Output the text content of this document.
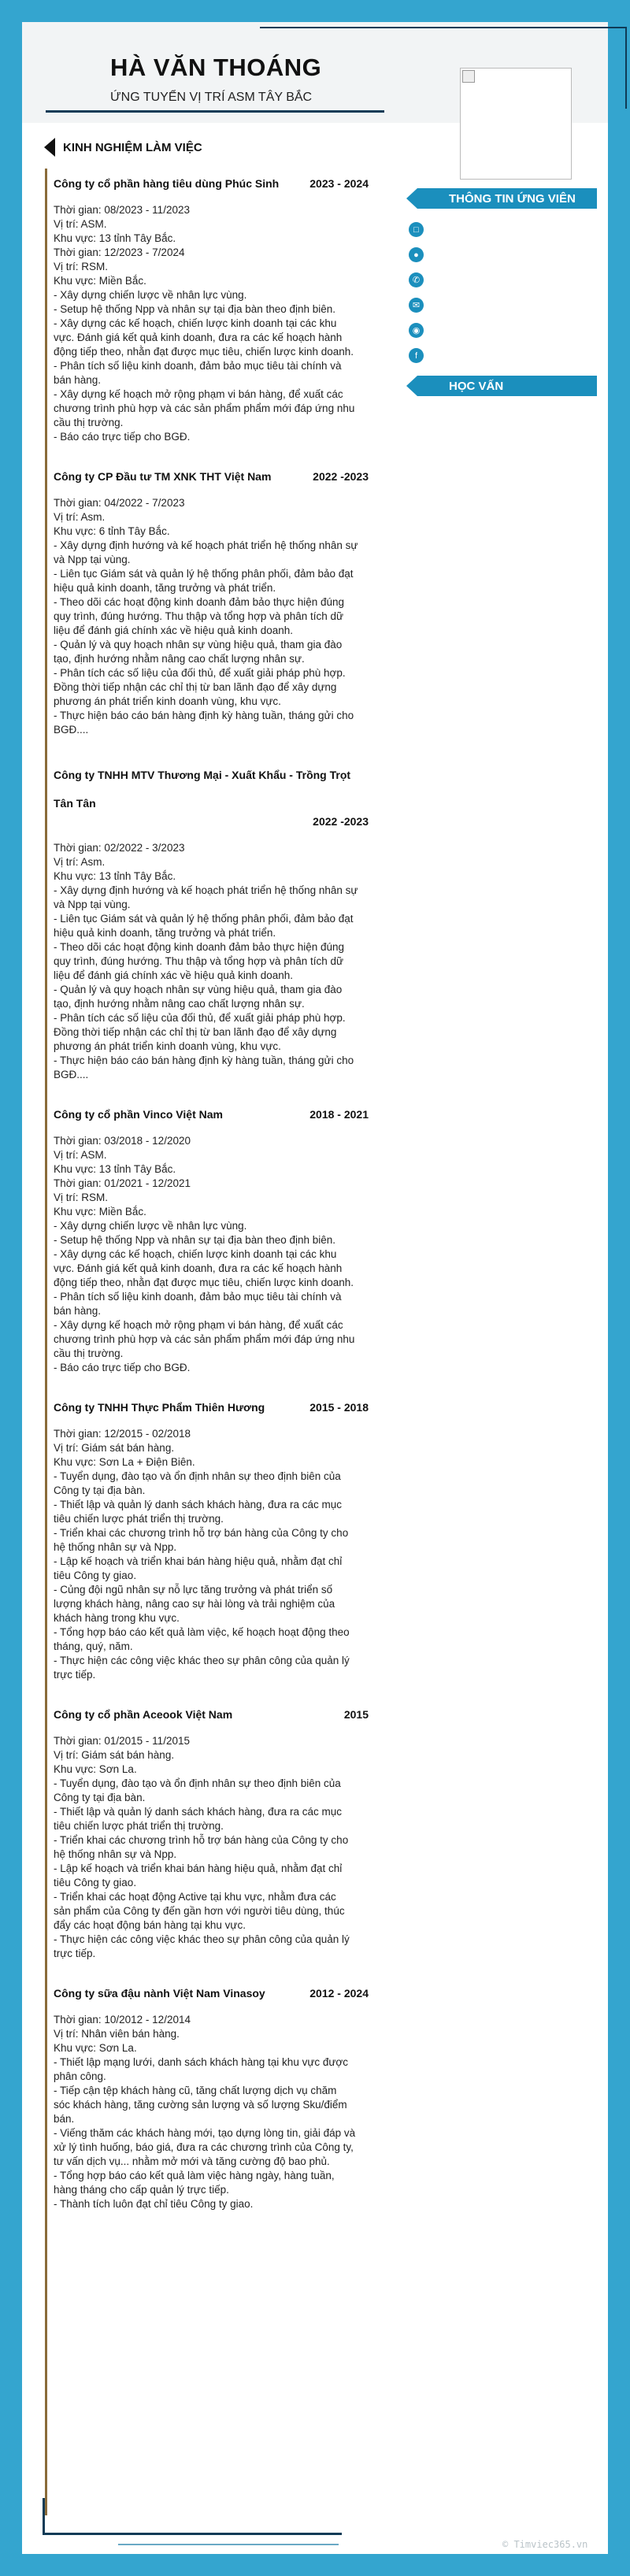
HÀ VĂN THOÁNG
ỨNG TUYỂN VỊ TRÍ ASM TÂY BẮC
KINH NGHIỆM LÀM VIỆC
Công ty cổ phần hàng tiêu dùng Phúc Sinh	2023 - 2024
Thời gian: 08/2023 - 11/2023
Vị trí: ASM.
Khu vực: 13 tỉnh Tây Bắc.
Thời gian: 12/2023 - 7/2024
Vị trí: RSM.
Khu vực: Miền Bắc.
- Xây dựng chiến lược về nhân lực vùng.
- Setup hệ thống Npp và nhân sự tại địa bàn theo định biên.
- Xây dựng các kế hoạch, chiến lược kinh doanh tại các khu
vực. Đánh giá kết quả kinh doanh, đưa ra các kế hoạch hành
động tiếp theo, nhằn đạt được mục tiêu, chiến lược kinh doanh.
- Phân tích số liệu kinh doanh, đảm bảo mục tiêu tài chính và
bán hàng.
- Xây dựng kế hoạch mở rộng phạm vi bán hàng, để xuất các
chương trình phù hợp và các sản phẩm phẩm mới đáp ứng nhu
cầu thị trường.
- Báo cáo trực tiếp cho BGĐ.
Công ty CP Đầu tư TM XNK THT Việt Nam	2022 -2023
Thời gian: 04/2022 - 7/2023
Vị trí: Asm.
Khu vực: 6 tỉnh Tây Bắc.
- Xây dựng định hướng và kế hoạch phát triển hệ thống nhân sự
và Npp tại vùng.
- Liên tục Giám sát và quản lý hệ thống phân phối, đảm bảo đạt
hiệu quả kinh doanh, tăng trưởng và phát triển.
- Theo dõi các hoạt động kinh doanh đảm bảo thực hiện đúng
quy trình, đúng hướng. Thu thập và tổng hợp và phân tích dữ
liệu để đánh giá chính xác về hiệu quả kinh doanh.
- Quản lý và quy hoạch nhân sự vùng hiệu quả, tham gia đào
tạo, định hướng nhằm nâng cao chất lượng nhân sự.
- Phân tích các số liệu của đối thủ, để xuất giải pháp phù hợp.
Đồng thời tiếp nhận các chỉ thị từ ban lãnh đạo để xây dựng
phương án phát triển kinh doanh vùng, khu vực.
- Thực hiện báo cáo bán hàng định kỳ hàng tuần, tháng gửi cho
BGĐ....
Công ty TNHH MTV Thương Mại - Xuất Khẩu - Trồng Trọt Tân Tân
2022 -2023
Thời gian: 02/2022 - 3/2023
Vị trí: Asm.
Khu vực: 13 tỉnh Tây Bắc.
- Xây dựng định hướng và kế hoạch phát triển hệ thống nhân sự
và Npp tại vùng.
- Liên tục Giám sát và quản lý hệ thống phân phối, đảm bảo đạt
hiệu quả kinh doanh, tăng trưởng và phát triển.
- Theo dõi các hoạt động kinh doanh đảm bảo thực hiện đúng
quy trình, đúng hướng. Thu thập và tổng hợp và phân tích dữ
liệu để đánh giá chính xác về hiệu quả kinh doanh.
- Quản lý và quy hoạch nhân sự vùng hiệu quả, tham gia đào
tạo, định hướng nhằm nâng cao chất lượng nhân sự.
- Phân tích các số liệu của đối thủ, để xuất giải pháp phù hợp.
Đồng thời tiếp nhận các chỉ thị từ ban lãnh đạo để xây dựng
phương án phát triển kinh doanh vùng, khu vực.
- Thực hiện báo cáo bán hàng định kỳ hàng tuần, tháng gửi cho
BGĐ....
Công ty cổ phần Vinco Việt Nam	2018 - 2021
Thời gian: 03/2018 - 12/2020
Vị trí: ASM.
Khu vực: 13 tỉnh Tây Bắc.
Thời gian: 01/2021 - 12/2021
Vị trí: RSM.
Khu vực: Miền Bắc.
- Xây dựng chiến lược về nhân lực vùng.
- Setup hệ thống Npp và nhân sự tại địa bàn theo định biên.
- Xây dựng các kế hoạch, chiến lược kinh doanh tại các khu
vực. Đánh giá kết quả kinh doanh, đưa ra các kế hoạch hành
động tiếp theo, nhằn đạt được mục tiêu, chiến lược kinh doanh.
- Phân tích số liệu kinh doanh, đảm bảo mục tiêu tài chính và
bán hàng.
- Xây dựng kế hoạch mở rộng phạm vi bán hàng, để xuất các
chương trình phù hợp và các sản phẩm phẩm mới đáp ứng nhu
cầu thị trường.
- Báo cáo trực tiếp cho BGĐ.
Công ty TNHH Thực Phẩm Thiên Hương	2015 - 2018
Thời gian: 12/2015 - 02/2018
Vị trí: Giám sát bán hàng.
Khu vực: Sơn La + Điện Biên.
- Tuyển dụng, đào tạo và ổn định nhân sự theo định biên của
Công ty tại địa bàn.
- Thiết lập và quản lý danh sách khách hàng, đưa ra các mục
tiêu chiến lược phát triển thị trường.
- Triển khai các chương trình hỗ trợ bán hàng của Công ty cho
hệ thống nhân sự và Npp.
- Lập kế hoạch và triển khai bán hàng hiệu quả, nhằm đạt chỉ
tiêu Công ty giao.
- Củng đội ngũ nhân sự nỗ lực tăng trưởng và phát triển số
lượng khách hàng, nâng cao sự hài lòng và trải nghiệm của
khách hàng trong khu vực.
- Tổng hợp báo cáo kết quả làm việc, kế hoạch hoạt động theo
tháng, quý, năm.
- Thực hiện các công việc khác theo sự phân công của quản lý
trực tiếp.
Công ty cổ phần Aceook Việt Nam	2015
Thời gian: 01/2015 - 11/2015
Vị trí: Giám sát bán hàng.
Khu vực: Sơn La.
- Tuyển dụng, đào tạo và ổn định nhân sự theo định biên của
Công ty tại địa bàn.
- Thiết lập và quản lý danh sách khách hàng, đưa ra các mục
tiêu chiến lược phát triển thị trường.
- Triển khai các chương trình hỗ trợ bán hàng của Công ty cho
hệ thống nhân sự và Npp.
- Lập kế hoạch và triển khai bán hàng hiệu quả, nhằm đạt chỉ
tiêu Công ty giao.
- Triển khai các hoạt động Active tại khu vực, nhằm đưa các
sản phẩm của Công ty đến gần hơn với người tiêu dùng, thúc
đẩy các hoạt động bán hàng tại khu vực.
- Thực hiện các công việc khác theo sự phân công của quản lý
trực tiếp.
Công ty sữa đậu nành Việt Nam Vinasoy	2012 - 2024
Thời gian: 10/2012 - 12/2014
Vị trí: Nhân viên bán hàng.
Khu vực: Sơn La.
- Thiết lập mạng lưới, danh sách khách hàng tại khu vực được
phân công.
- Tiếp cận tệp khách hàng cũ, tăng chất lượng dịch vụ chăm
sóc khách hàng, tăng cường sản lượng và số lượng Sku/điểm
bán.
- Viếng thăm các khách hàng mới, tạo dựng lòng tin, giải đáp và
xử lý tình huống, báo giá, đưa ra các chương trình của Công ty,
tư vấn dịch vụ... nhằm mở mới và tăng cường độ bao phủ.
- Tổng hợp báo cáo kết quả làm việc hàng ngày, hàng tuần,
hàng tháng cho cấp quản lý trực tiếp.
- Thành tích luôn đạt chỉ tiêu Công ty giao.
THÔNG TIN ỨNG VIÊN
□
●
✆
✉
◉
f
HỌC VẤN
© Timviec365.vn
